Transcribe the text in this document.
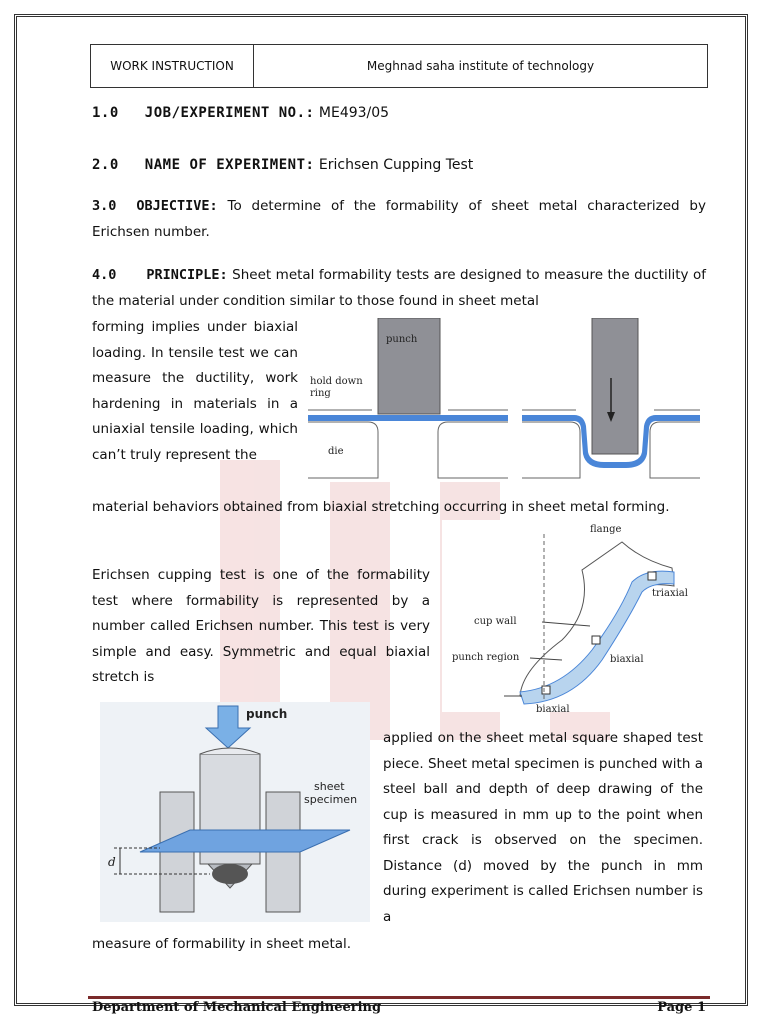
WORK INSTRUCTION	Meghnad saha institute of technology
1.0 JOB/EXPERIMENT NO.: ME493/05
2.0 NAME OF EXPERIMENT: Erichsen Cupping Test
3.0 OBJECTIVE: To determine of the formability of sheet metal characterized by Erichsen number.
4.0 PRINCIPLE: Sheet metal formability tests are designed to measure the ductility of the material under condition similar to those found in sheet metal
forming implies under biaxial loading. In tensile test we can measure the ductility, work hardening in materials in a uniaxial tensile loading, which can’t truly represent the
punch
hold down
ring
die
material behaviors obtained from biaxial stretching occurring in sheet metal forming.
flange
triaxial
cup wall
biaxial
punch region
biaxial
Erichsen cupping test is one of the formability test where formability is represented by a number called Erichsen number. This test is very simple and easy. Symmetric and equal biaxial stretch is
punch
d
sheet
specimen
applied on the sheet metal square shaped test piece. Sheet metal specimen is punched with a steel ball and depth of deep drawing of the cup is measured in mm up to the point when first crack is observed on the specimen. Distance (d) moved by the punch in mm during experiment is called Erichsen number is a
measure of formability in sheet metal.
Department of Mechanical Engineering	Page 1
